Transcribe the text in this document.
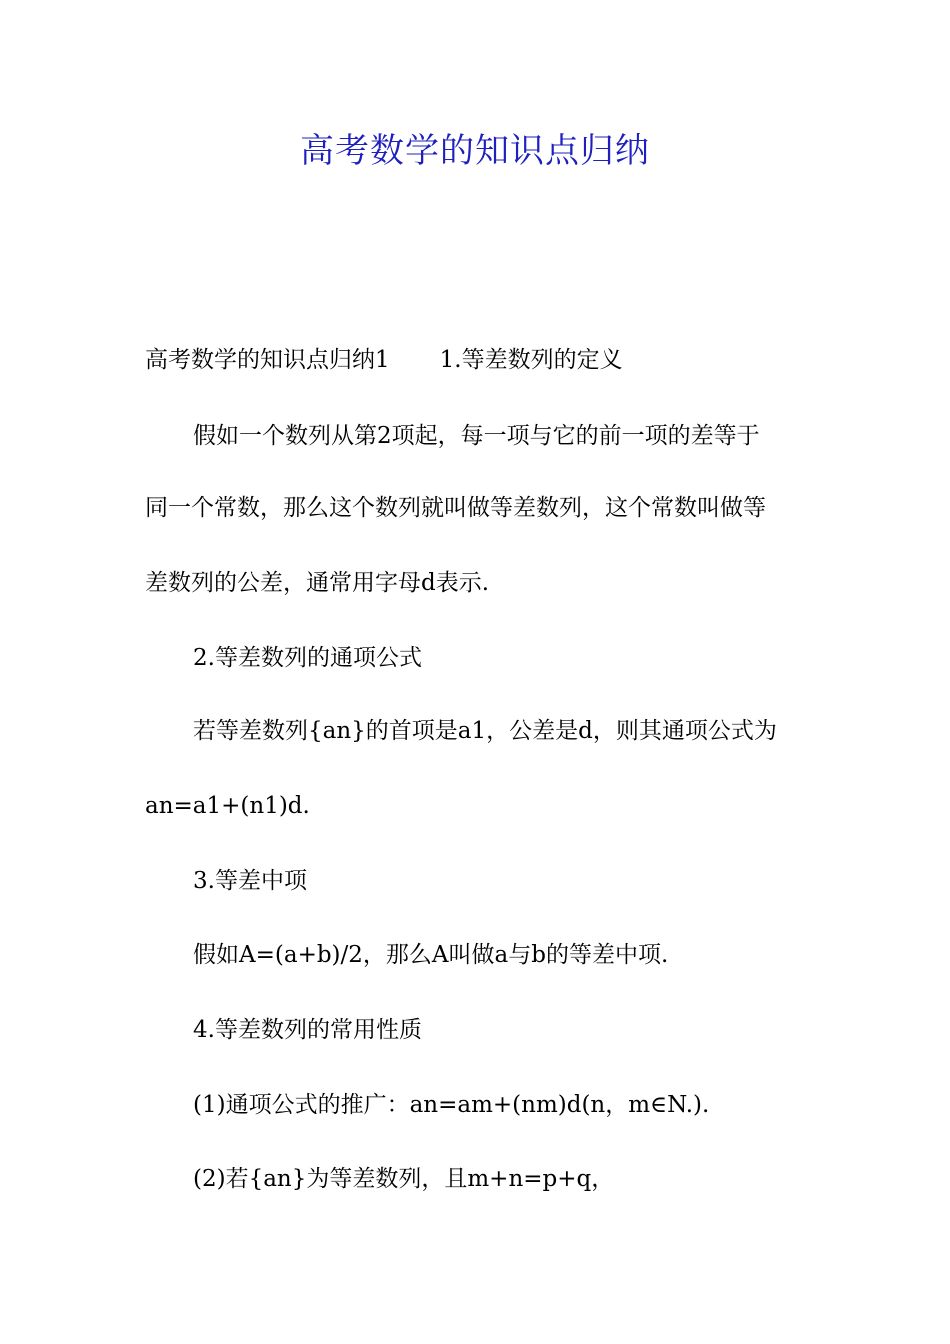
高考数学的知识点归纳
高考数学的知识点归纳1 1.等差数列的定义
假如一个数列从第2项起，每一项与它的前一项的差等于
同一个常数，那么这个数列就叫做等差数列，这个常数叫做等
差数列的公差，通常用字母d表示.
2.等差数列的通项公式
若等差数列{an}的首项是a1，公差是d，则其通项公式为
an=a1+(n1)d.
3.等差中项
假如A=(a+b)/2，那么A叫做a与b的等差中项.
4.等差数列的常用性质
(1)通项公式的推广：an=am+(nm)d(n，m∈N.).
(2)若{an}为等差数列，且m+n=p+q，
